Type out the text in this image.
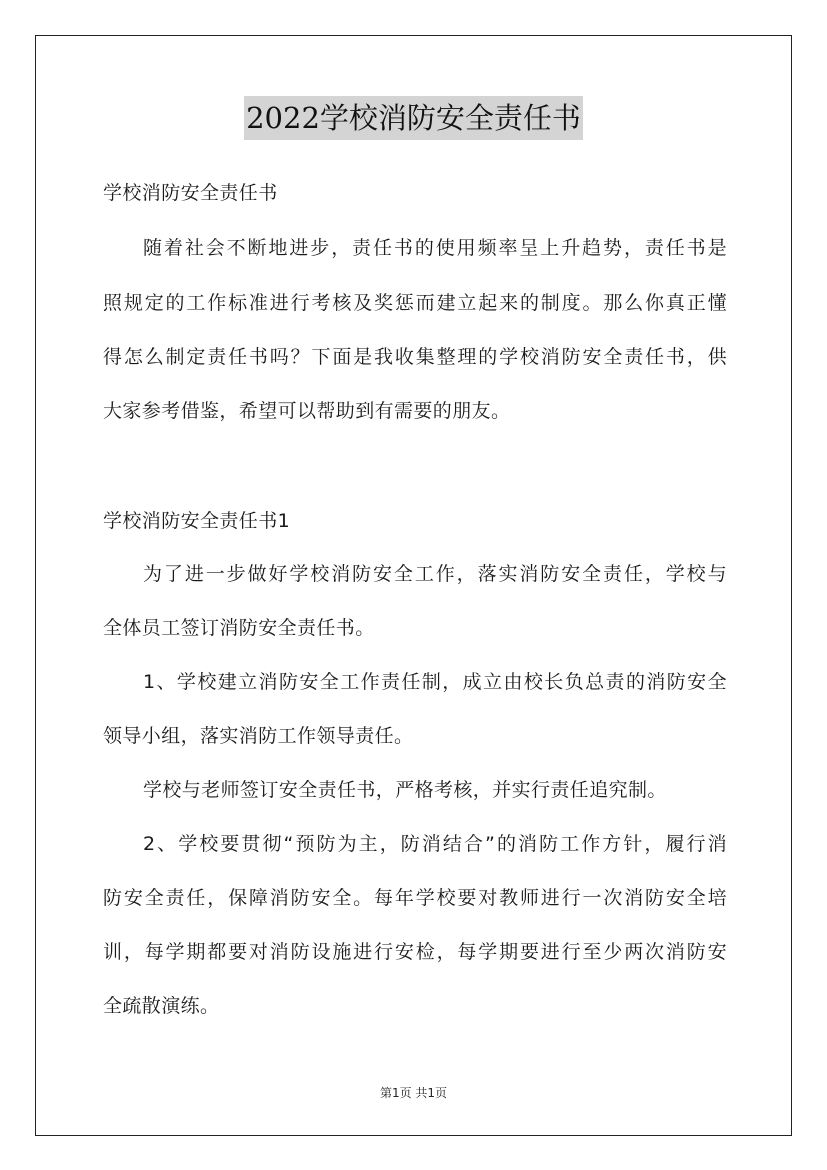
2022学校消防安全责任书
学校消防安全责任书
随着社会不断地进步，责任书的使用频率呈上升趋势，责任书是
照规定的工作标准进行考核及奖惩而建立起来的制度。那么你真正懂
得怎么制定责任书吗？下面是我收集整理的学校消防安全责任书，供
大家参考借鉴，希望可以帮助到有需要的朋友。
学校消防安全责任书1
为了进一步做好学校消防安全工作，落实消防安全责任，学校与
全体员工签订消防安全责任书。
1、学校建立消防安全工作责任制，成立由校长负总责的消防安全
领导小组，落实消防工作领导责任。
学校与老师签订安全责任书，严格考核，并实行责任追究制。
2、学校要贯彻“预防为主，防消结合”的消防工作方针，履行消
防安全责任，保障消防安全。每年学校要对教师进行一次消防安全培
训，每学期都要对消防设施进行安检，每学期要进行至少两次消防安
全疏散演练。
第1页 共1页
